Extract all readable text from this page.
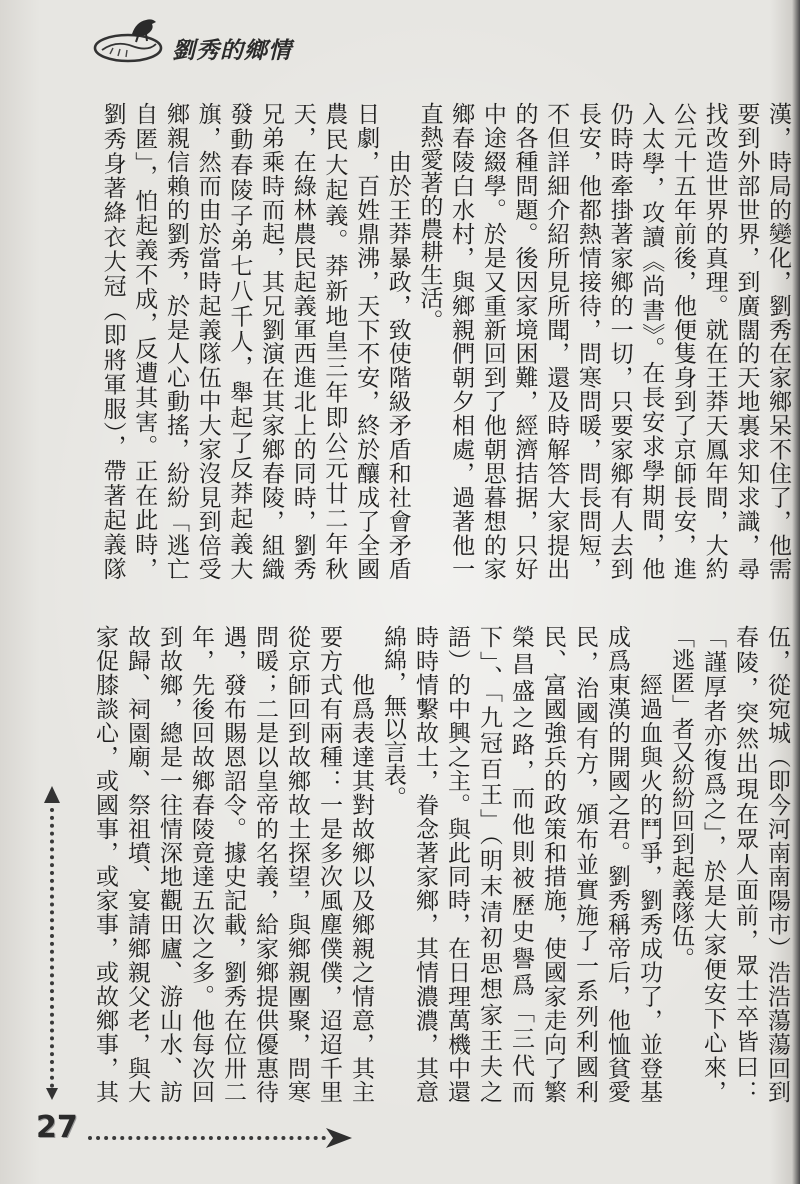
劉秀的鄉情
漢，時局的變化，劉秀在家鄉呆不住了，他需
要到外部世界，到廣闊的天地裏求知求識，尋
找改造世界的真理。就在王莽天鳳年間，大約
公元十五年前後，他便隻身到了京師長安，進
入太學，攻讀《尚書》。在長安求學期間，他
仍時時牽掛著家鄉的一切，只要家鄉有人去到
長安，他都熱情接待，問寒問暖，問長問短，
不但詳細介紹所見所聞，還及時解答大家提出
的各種問題。後因家境困難，經濟拮据，只好
中途綴學。於是又重新回到了他朝思暮想的家
鄉春陵白水村，與鄉親們朝夕相處，過著他一
直熱愛著的農耕生活。
　　由於王莽暴政，致使階級矛盾和社會矛盾
日劇，百姓鼎沸，天下不安，終於釀成了全國
農民大起義。莽新地皇三年即公元廿二年秋
天，在綠林農民起義軍西進北上的同時，劉秀
兄弟乘時而起，其兄劉演在其家鄉春陵，組織
發動春陵子弟七八千人，舉起了反莽起義大
旗，然而由於當時起義隊伍中大家沒見到倍受
鄉親信賴的劉秀，於是人心動搖，紛紛「逃亡
自匿」，怕起義不成，反遭其害。正在此時，
劉秀身著絳衣大冠（即將軍服），帶著起義隊
伍，從宛城（即今河南南陽市）浩浩蕩蕩回到
春陵，突然出現在眾人面前，眾士卒皆曰：
「謹厚者亦復爲之」，於是大家便安下心來，
「逃匿」者又紛紛回到起義隊伍。
　　經過血與火的鬥爭，劉秀成功了，並登基
成爲東漢的開國之君。劉秀稱帝后，他恤貧愛
民，治國有方，頒布並實施了一系列利國利
民、富國強兵的政策和措施，使國家走向了繁
榮昌盛之路，而他則被歷史譽爲「三代而
下」、「九冠百王」（明末清初思想家王夫之
語）的中興之主。與此同時，在日理萬機中還
時時情繫故土，眷念著家鄉，其情濃濃，其意
綿綿，無以言表。
　　他爲表達其對故鄉以及鄉親之情意，其主
要方式有兩種：一是多次風塵僕僕，迢迢千里
從京師回到故鄉故土探望，與鄉親團聚，問寒
問暖；二是以皇帝的名義，給家鄉提供優惠待
遇，發布賜恩詔令。據史記載，劉秀在位卅二
年，先後回故鄉春陵竟達五次之多。他每次回
到故鄉，總是一往情深地觀田廬、游山水、訪
故歸、祠園廟、祭祖墳、宴請鄉親父老，與大
家促膝談心，或國事，或家事，或故鄉事，其
27
